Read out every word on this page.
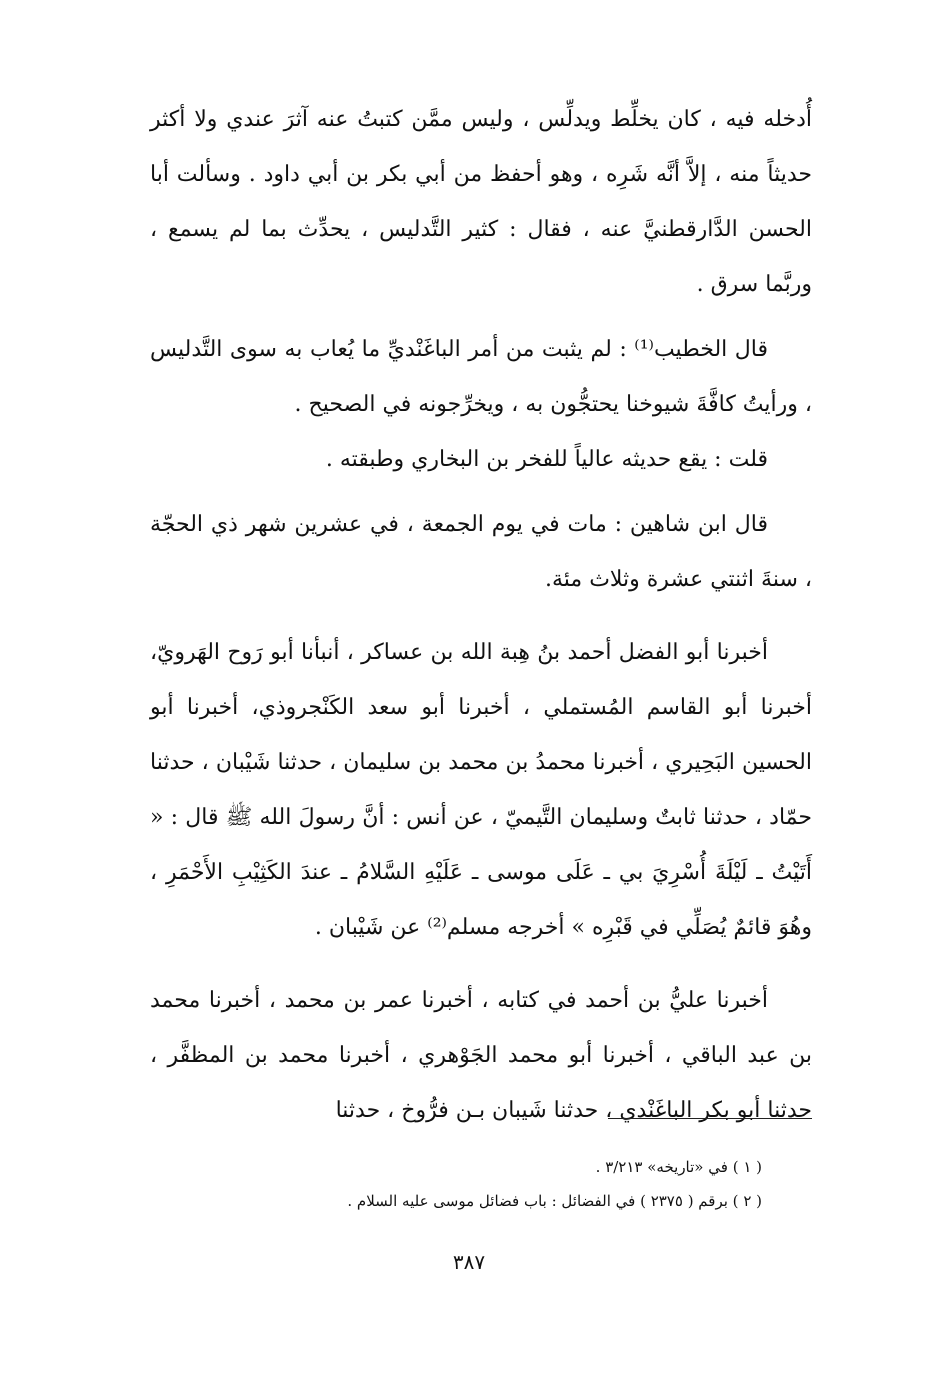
أُدخله فيه ، كان يخلِّط ويدلِّس ، وليس ممَّن كتبتُ عنه آثرَ عندي ولا أكثر حديثاً منه ، إلاَّ أنَّه شَرِه ، وهو أحفظ من أبي بكر بن أبي داود . وسألت أبا الحسن الدَّارقطنيَّ عنه ، فقال : كثير التَّدليس ، يحدِّث بما لم يسمع ، وربَّما سرق .

قال الخطيب⁽¹⁾ : لم يثبت من أمر الباغَنْديِّ ما يُعاب به سوى التَّدليس ، ورأيتُ كافَّةَ شيوخنا يحتجُّون به ، ويخرِّجونه في الصحيح .

قلت : يقع حديثه عالياً للفخر بن البخاري وطبقته .

قال ابن شاهين : مات في يوم الجمعة ، في عشرين شهر ذي الحجّة ، سنةَ اثنتي عشرة وثلاث مئة.

أخبرنا أبو الفضل أحمد بنُ هِبة الله بن عساكر ، أنبأنا أبو رَوح الهَرويّ، أخبرنا أبو القاسم المُستملي ، أخبرنا أبو سعد الكَنْجروذي، أخبرنا أبو الحسين البَحِيري ، أخبرنا محمدُ بن محمد بن سليمان ، حدثنا شَيْبان ، حدثنا حمّاد ، حدثنا ثابتٌ وسليمان التَّيميّ ، عن أنس : أنَّ رسولَ الله ﷺ قال : « أَتَيْتُ ـ لَيْلَةَ أُسْرِيَ بي ـ عَلَى موسى ـ عَلَيْهِ السَّلامُ ـ عندَ الكَثِيْبِ الأَحْمَرِ ، وهُوَ قائمٌ يُصَلِّي في قَبْرِه » أخرجه مسلم⁽²⁾ عن شَيْبان .

أخبرنا عليُّ بن أحمد في كتابه ، أخبرنا عمر بن محمد ، أخبرنا محمد بن عبد الباقي ، أخبرنا أبو محمد الجَوْهري ، أخبرنا محمد بن المظفَّر ، حدثنا أبو بكر الباغَنْدي ، حدثنا شَيبان بـن فرُّوخ ، حدثنا

( ١ ) في «تاريخه» ٣/٢١٣ .

( ٢ ) برقم ( ٢٣٧٥ ) في الفضائل : باب فضائل موسى عليه السلام .

٣٨٧
